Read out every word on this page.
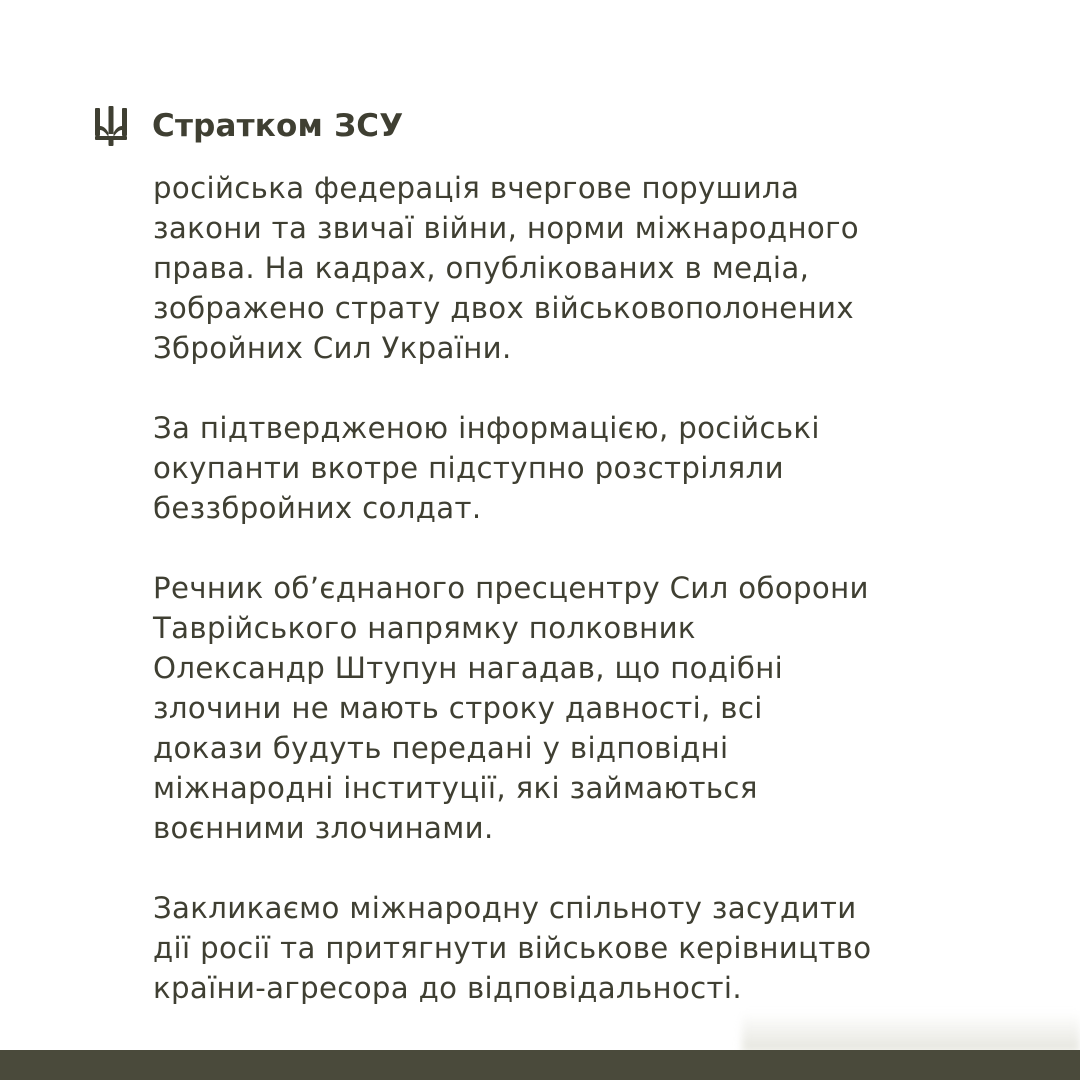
Стратком ЗСУ

російська федерація вчергове порушила
закони та звичаї війни, норми міжнародного
права. На кадрах, опублікованих в медіа,
зображено страту двох військовополонених
Збройних Сил України.

За підтвердженою інформацією, російські
окупанти вкотре підступно розстріляли
беззбройних солдат.

Речник об’єднаного пресцентру Сил оборони
Таврійського напрямку полковник
Олександр Штупун нагадав, що подібні
злочини не мають строку давності, всі
докази будуть передані у відповідні
міжнародні інституції, які займаються
воєнними злочинами.

Закликаємо міжнародну спільноту засудити
дії росії та притягнути військове керівництво
країни-агресора до відповідальності.
